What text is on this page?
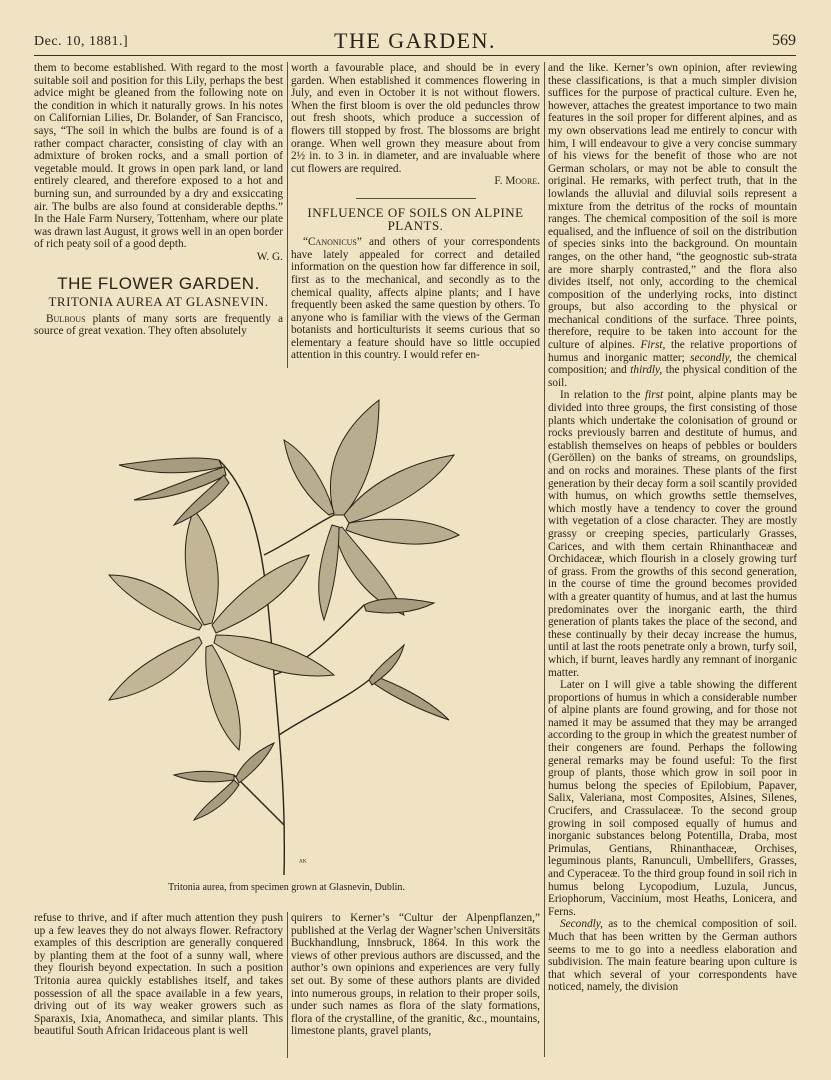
Dec. 10, 1881.]	THE GARDEN.	569

them to become established. With regard to the most suitable soil and position for this Lily, perhaps the best advice might be gleaned from the following note on the condition in which it naturally grows. In his notes on Californian Lilies, Dr. Bolander, of San Francisco, says, “The soil in which the bulbs are found is of a rather compact character, consisting of clay with an admixture of broken rocks, and a small portion of vegetable mould. It grows in open park land, or land entirely cleared, and therefore exposed to a hot and burning sun, and surrounded by a dry and exsiccating air. The bulbs are also found at considerable depths.” In the Hale Farm Nursery, Tottenham, where our plate was drawn last August, it grows well in an open border of rich peaty soil of a good depth.
W. G.

THE FLOWER GARDEN.
TRITONIA AUREA AT GLASNEVIN.

Bulbous plants of many sorts are frequently a source of great vexation. They often absolutely

worth a favourable place, and should be in every garden. When established it commences flowering in July, and even in October it is not without flowers. When the first bloom is over the old peduncles throw out fresh shoots, which produce a succession of flowers till stopped by frost. The blossoms are bright orange. When well grown they measure about from 2½ in. to 3 in. in diameter, and are invaluable where cut flowers are required.
F. Moore.

INFLUENCE OF SOILS ON ALPINE PLANTS.

“Canonicus” and others of your correspondents have lately appealed for correct and detailed information on the question how far difference in soil, first as to the mechanical, and secondly as to the chemical quality, affects alpine plants; and I have frequently been asked the same question by others. To anyone who is familiar with the views of the German botanists and horticulturists it seems curious that so elementary a feature should have so little occupied attention in this country. I would refer en-

and the like. Kerner’s own opinion, after reviewing these classifications, is that a much simpler division suffices for the purpose of practical culture. Even he, however, attaches the greatest importance to two main features in the soil proper for different alpines, and as my own observations lead me entirely to concur with him, I will endeavour to give a very concise summary of his views for the benefit of those who are not German scholars, or may not be able to consult the original. He remarks, with perfect truth, that in the lowlands the alluvial and diluvial soils represent a mixture from the detritus of the rocks of mountain ranges. The chemical composition of the soil is more equalised, and the influence of soil on the distribution of species sinks into the background. On mountain ranges, on the other hand, “the geognostic sub-strata are more sharply contrasted,” and the flora also divides itself, not only, according to the chemical composition of the underlying rocks, into distinct groups, but also according to the physical or mechanical conditions of the surface. Three points, therefore, require to be taken into account for the culture of alpines. First, the relative proportions of humus and inorganic matter; secondly, the chemical composition; and thirdly, the physical condition of the soil.

In relation to the first point, alpine plants may be divided into three groups, the first consisting of those plants which undertake the colonisation of ground or rocks previously barren and destitute of humus, and establish themselves on heaps of pebbles or boulders (Geröllen) on the banks of streams, on groundslips, and on rocks and moraines. These plants of the first generation by their decay form a soil scantily provided with humus, on which growths settle themselves, which mostly have a tendency to cover the ground with vegetation of a close character. They are mostly grassy or creeping species, particularly Grasses, Carices, and with them certain Rhinanthaceæ and Orchidaceæ, which flourish in a closely growing turf of grass. From the growths of this second generation, in the course of time the ground becomes provided with a greater quantity of humus, and at last the humus predominates over the inorganic earth, the third generation of plants takes the place of the second, and these continually by their decay increase the humus, until at last the roots penetrate only a brown, turfy soil, which, if burnt, leaves hardly any remnant of inorganic matter.

Later on I will give a table showing the different proportions of humus in which a considerable number of alpine plants are found growing, and for those not named it may be assumed that they may be arranged according to the group in which the greatest number of their congeners are found. Perhaps the following general remarks may be found useful: To the first group of plants, those which grow in soil poor in humus belong the species of Epilobium, Papaver, Salix, Valeriana, most Composites, Alsines, Silenes, Crucifers, and Crassulaceæ. To the second group growing in soil composed equally of humus and inorganic substances belong Potentilla, Draba, most Primulas, Gentians, Rhinanthaceæ, Orchises, leguminous plants, Ranunculi, Umbellifers, Grasses, and Cyperaceæ. To the third group found in soil rich in humus belong Lycopodium, Luzula, Juncus, Eriophorum, Vaccinium, most Heaths, Lonicera, and Ferns.

Secondly, as to the chemical composition of soil. Much that has been written by the German authors seems to me to go into a needless elaboration and subdivision. The main feature bearing upon culture is that which several of your correspondents have noticed, namely, the division

ᴬᴷ
Tritonia aurea, from specimen grown at Glasnevin, Dublin.

refuse to thrive, and if after much attention they push up a few leaves they do not always flower. Refractory examples of this description are generally conquered by planting them at the foot of a sunny wall, where they flourish beyond expectation. In such a position Tritonia aurea quickly establishes itself, and takes possession of all the space available in a few years, driving out of its way weaker growers such as Sparaxis, Ixia, Anomatheca, and similar plants. This beautiful South African Iridaceous plant is well

quirers to Kerner’s “Cultur der Alpenpflanzen,” published at the Verlag der Wagner’schen Universitäts Buckhandlung, Innsbruck, 1864. In this work the views of other previous authors are discussed, and the author’s own opinions and experiences are very fully set out. By some of these authors plants are divided into numerous groups, in relation to their proper soils, under such names as flora of the slaty formations, flora of the crystalline, of the granitic, &c., mountains, limestone plants, gravel plants,
